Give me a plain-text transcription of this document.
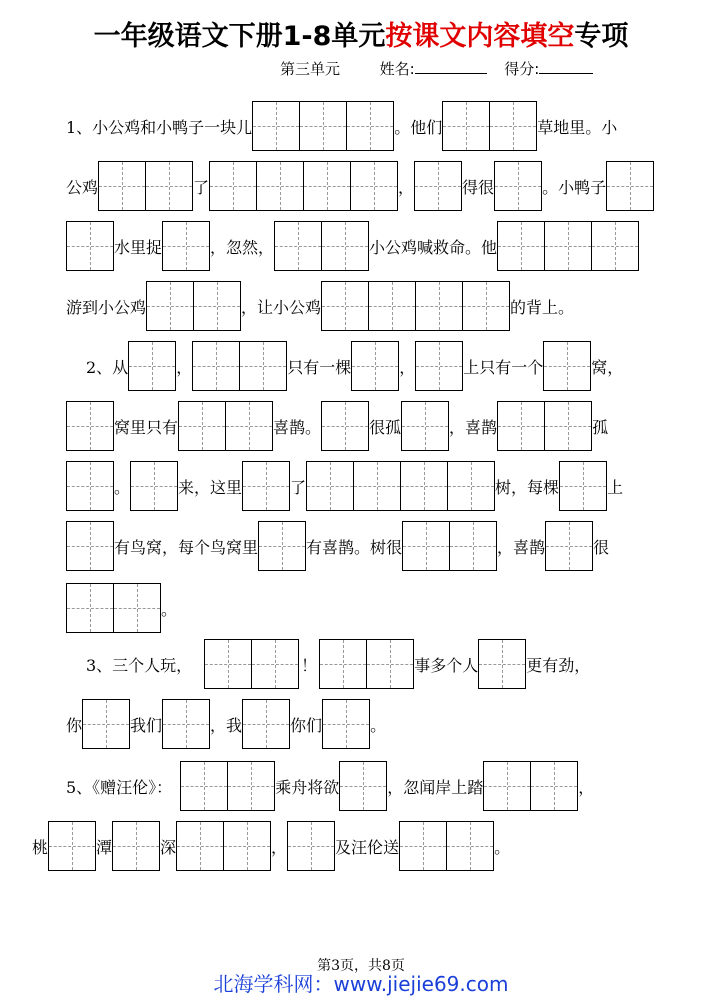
一年级语文下册1-8单元按课文内容填空专项
第三单元	姓名:	得分:
1、小公鸡和小鸭子一块儿	。他们	草地里。小
公鸡	了	，	得很	。小鸭子
水里捉	，忽然，	小公鸡喊救命。他
游到小公鸡	，让小公鸡	的背上。
2、从	，	只有一棵	，	上只有一个	窝，
窝里只有	喜鹊。	很孤	，喜鹊	孤
。	来，这里	了	树，每棵	上
有鸟窝，每个鸟窝里	有喜鹊。树很	，喜鹊	很
。
3、三个人玩，	！	事多个人	更有劲，
你	我们	，我	你们	。
5、《赠汪伦》：	乘舟将欲	，忽闻岸上踏	，
桃	潭	深	，	及汪伦送	。
第3页，共8页
北海学科网：www.jiejie69.com
